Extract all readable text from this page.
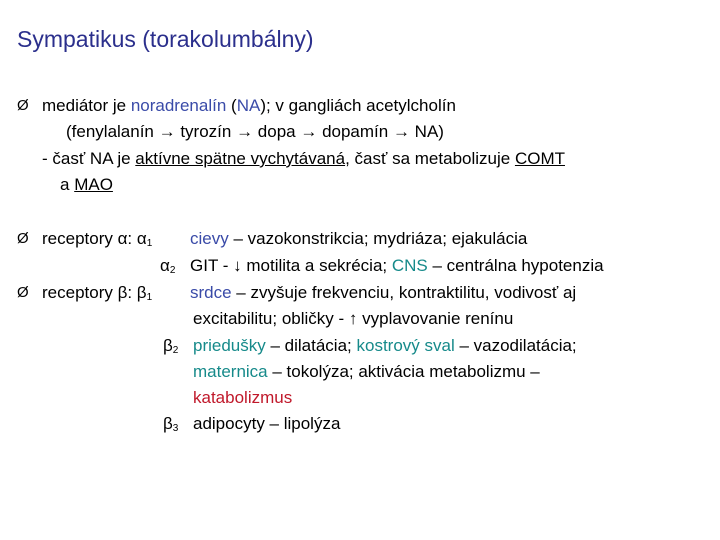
Sympatikus (torakolumbálny)
Ø mediátor je noradrenalín (NA); v gangliách acetylcholín
(fenylalanín → tyrozín → dopa → dopamín → NA)
- časť NA je aktívne spätne vychytávaná, časť sa metabolizuje COMT
a MAO
Ø receptory α: $\alpha_1$ cievy – vazokonstrikcia; mydriáza; ejakulácia
$\alpha_2$ GIT - ↓ motilita a sekrécia; CNS – centrálna hypotenzia
Ø receptory β: $\beta_1$ srdce – zvyšuje frekvenciu, kontraktilitu, vodivosť aj
excitabilitu; obličky - ↑ vyplavovanie renínu
$\beta_2$ priedušky – dilatácia; kostrový sval – vazodilatácia;
maternica – tokolýza; aktivácia metabolizmu –
katabolizmus
$\beta_3$ adipocyty – lipolýza
